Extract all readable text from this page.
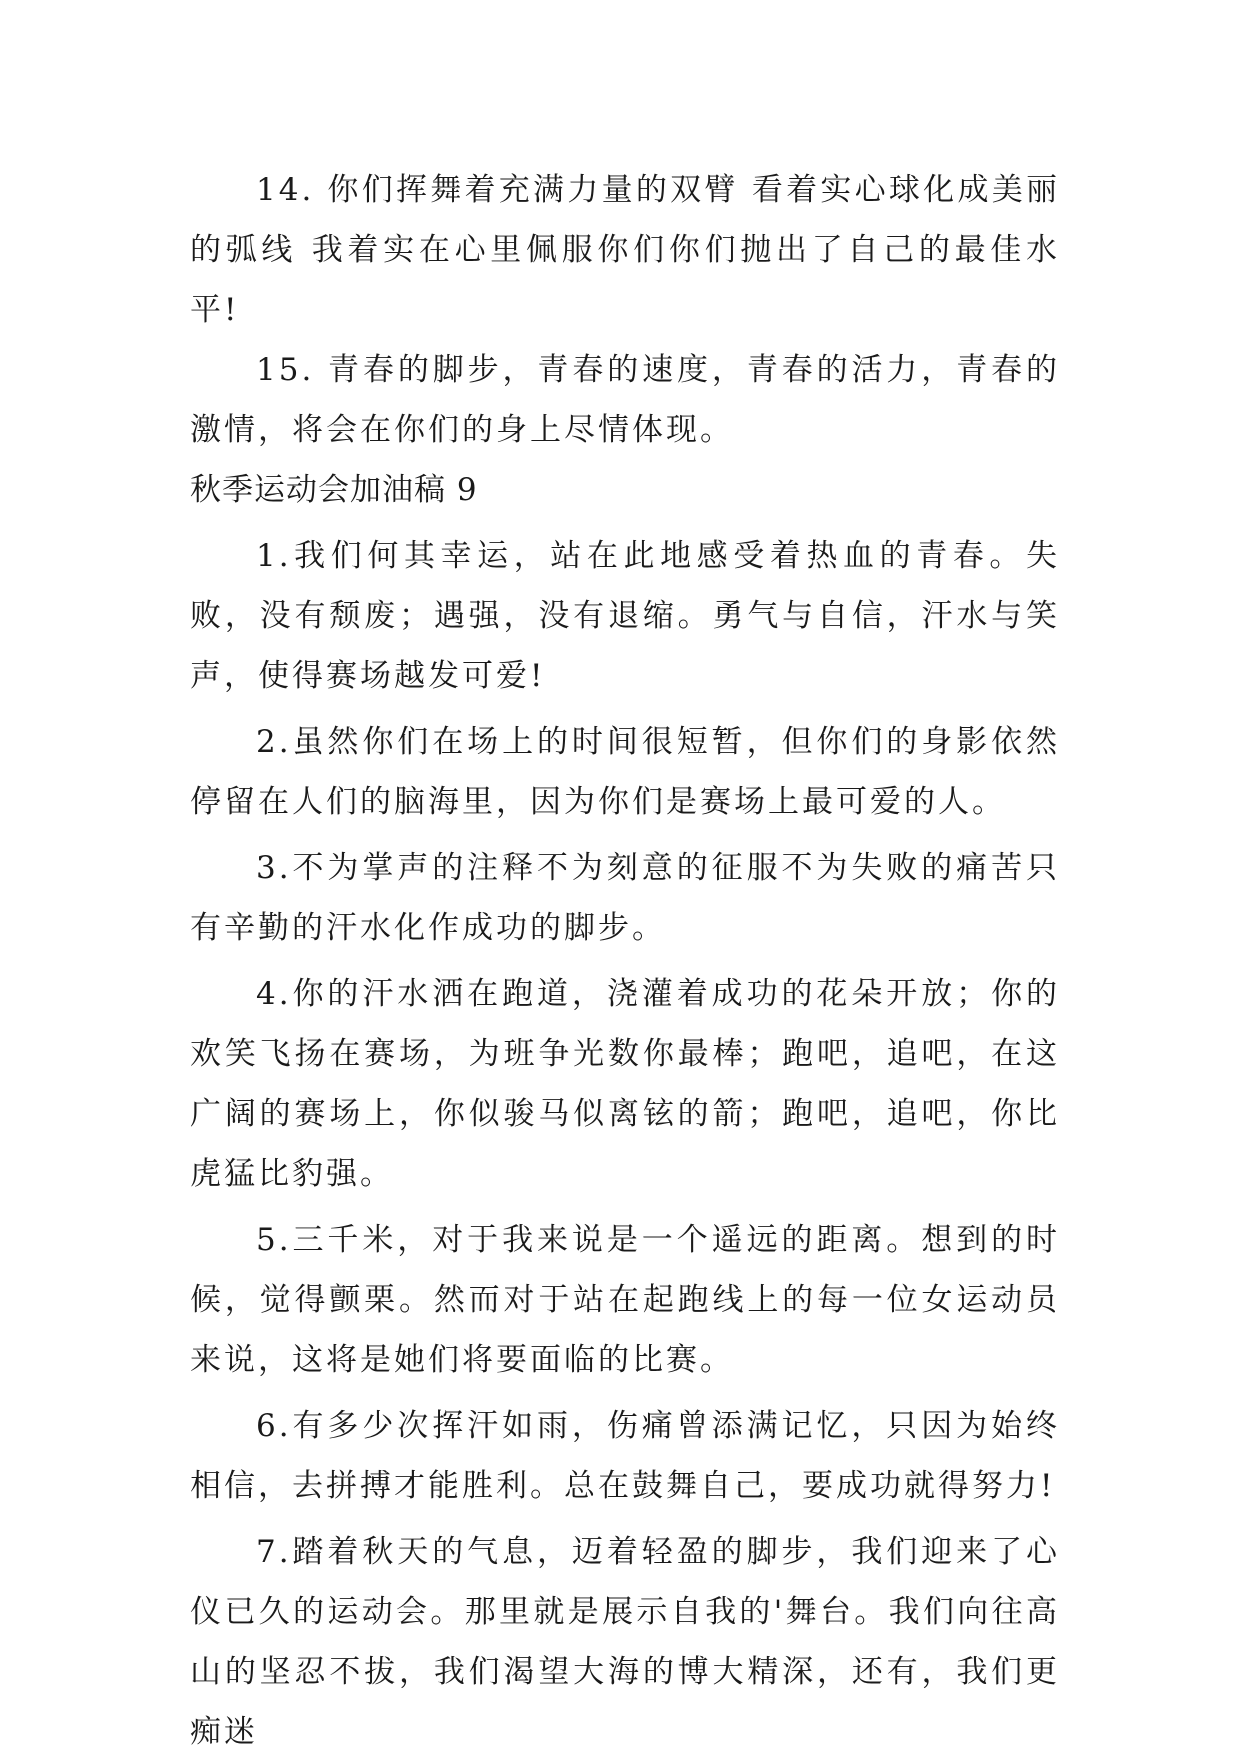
14. 你们挥舞着充满力量的双臂 看着实心球化成美丽的弧线 我着实在心里佩服你们你们抛出了自己的最佳水平!

15. 青春的脚步，青春的速度，青春的活力，青春的激情，将会在你们的身上尽情体现。

秋季运动会加油稿 9

1.我们何其幸运，站在此地感受着热血的青春。失败，没有颓废；遇强，没有退缩。勇气与自信，汗水与笑声，使得赛场越发可爱!

2.虽然你们在场上的时间很短暂，但你们的身影依然停留在人们的脑海里，因为你们是赛场上最可爱的人。

3.不为掌声的注释不为刻意的征服不为失败的痛苦只有辛勤的汗水化作成功的脚步。

4.你的汗水洒在跑道，浇灌着成功的花朵开放；你的欢笑飞扬在赛场，为班争光数你最棒；跑吧，追吧，在这广阔的赛场上，你似骏马似离铉的箭；跑吧，追吧，你比虎猛比豹强。

5.三千米，对于我来说是一个遥远的距离。想到的时候，觉得颤栗。然而对于站在起跑线上的每一位女运动员来说，这将是她们将要面临的比赛。

6.有多少次挥汗如雨，伤痛曾添满记忆，只因为始终相信，去拼搏才能胜利。总在鼓舞自己，要成功就得努力!

7.踏着秋天的气息，迈着轻盈的脚步，我们迎来了心仪已久的运动会。那里就是展示自我的'舞台。我们向往高山的坚忍不拔，我们渴望大海的博大精深，还有，我们更痴迷
